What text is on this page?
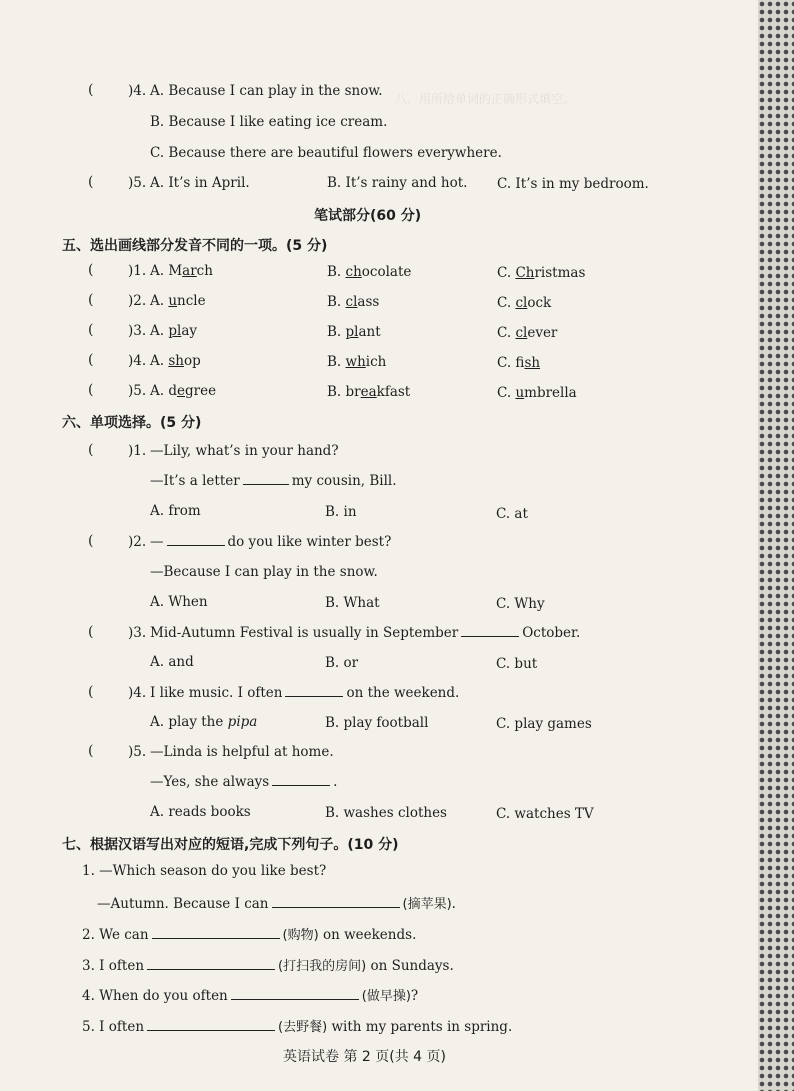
八、用所给单词的正确形式填空。
(	)4. A. Because I can play in the snow.
B. Because I like eating ice cream.
C. Because there are beautiful flowers everywhere.
(	)5. A. It’s in April.	B. It’s rainy and hot. C. It’s in my bedroom.
笔试部分(60 分)
五、选出画线部分发音不同的一项。(5 分)
(	)1. A. March	B. chocolate	C. Christmas
(	)2. A. uncle	B. class	C. clock
(	)3. A. play	B. plant	C. clever
(	)4. A. shop	B. which	C. fish
(	)5. A. degree	B. breakfast	C. umbrella
六、单项选择。(5 分)
(	)1. —Lily, what’s in your hand?
—It’s a letter	my cousin, Bill.
A. from	B. in	C. at
(	)2. —	do you like winter best?
—Because I can play in the snow.
A. When	B. What	C. Why
(	)3. Mid-Autumn Festival is usually in September	October.
A. and	B. or	C. but
(	)4. I like music. I often	on the weekend.
A. play the pipa	B. play football	C. play games
(	)5. —Linda is helpful at home.
—Yes, she always	.
A. reads books	B. washes clothes	C. watches TV
七、根据汉语写出对应的短语,完成下列句子。(10 分)
1. —Which season do you like best?
—Autumn. Because I can	(摘苹果).
2. We can	(购物) on weekends.
3. I often	(打扫我的房间) on Sundays.
4. When do you often	(做早操)?
5. I often	(去野餐) with my parents in spring.
英语试卷 第 2 页(共 4 页)
